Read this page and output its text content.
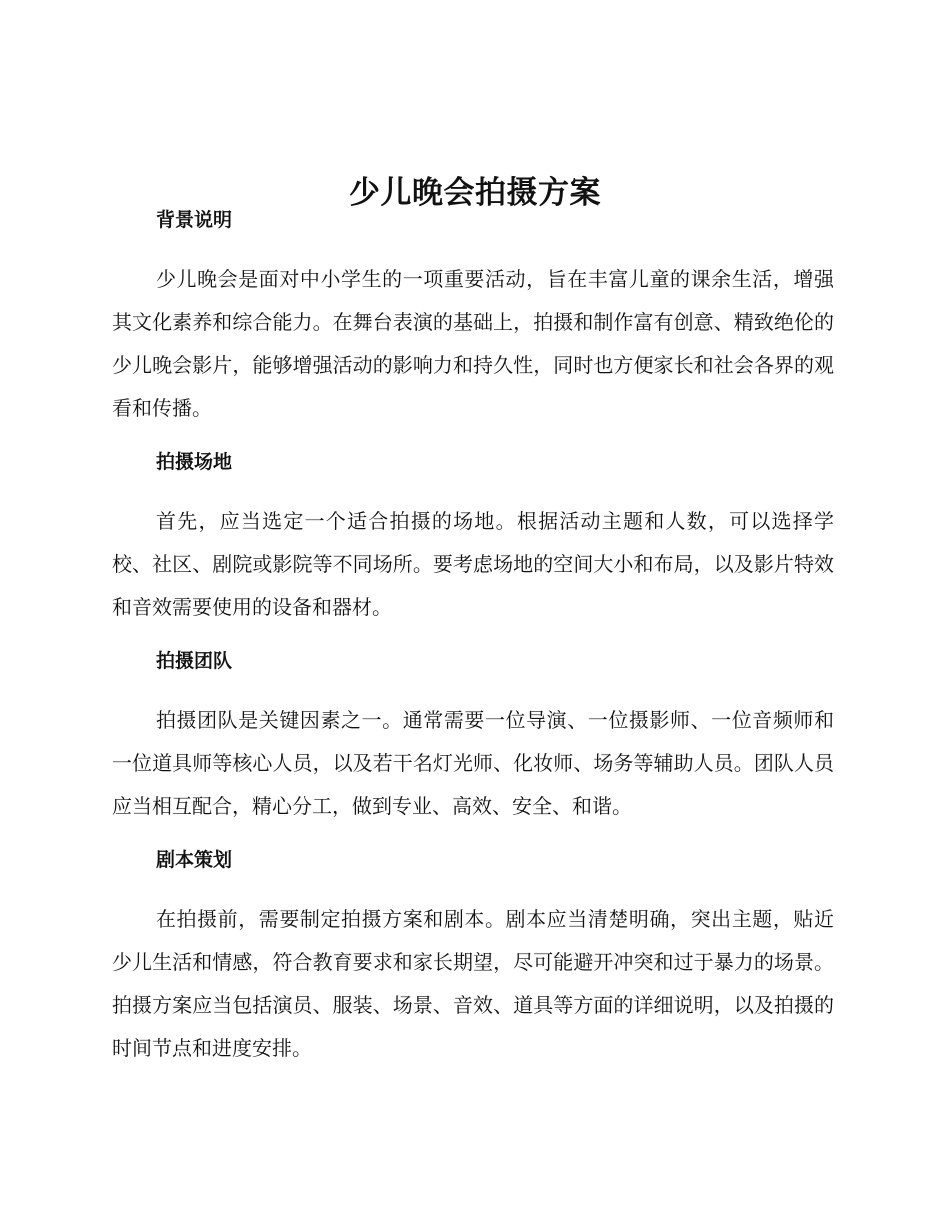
少儿晚会拍摄方案
背景说明

少儿晚会是面对中小学生的一项重要活动，旨在丰富儿童的课余生活，增强其文化素养和综合能力。在舞台表演的基础上，拍摄和制作富有创意、精致绝伦的少儿晚会影片，能够增强活动的影响力和持久性，同时也方便家长和社会各界的观看和传播。

拍摄场地

首先，应当选定一个适合拍摄的场地。根据活动主题和人数，可以选择学校、社区、剧院或影院等不同场所。要考虑场地的空间大小和布局，以及影片特效和音效需要使用的设备和器材。

拍摄团队

拍摄团队是关键因素之一。通常需要一位导演、一位摄影师、一位音频师和一位道具师等核心人员，以及若干名灯光师、化妆师、场务等辅助人员。团队人员应当相互配合，精心分工，做到专业、高效、安全、和谐。

剧本策划

在拍摄前，需要制定拍摄方案和剧本。剧本应当清楚明确，突出主题，贴近少儿生活和情感，符合教育要求和家长期望，尽可能避开冲突和过于暴力的场景。拍摄方案应当包括演员、服装、场景、音效、道具等方面的详细说明，以及拍摄的时间节点和进度安排。
